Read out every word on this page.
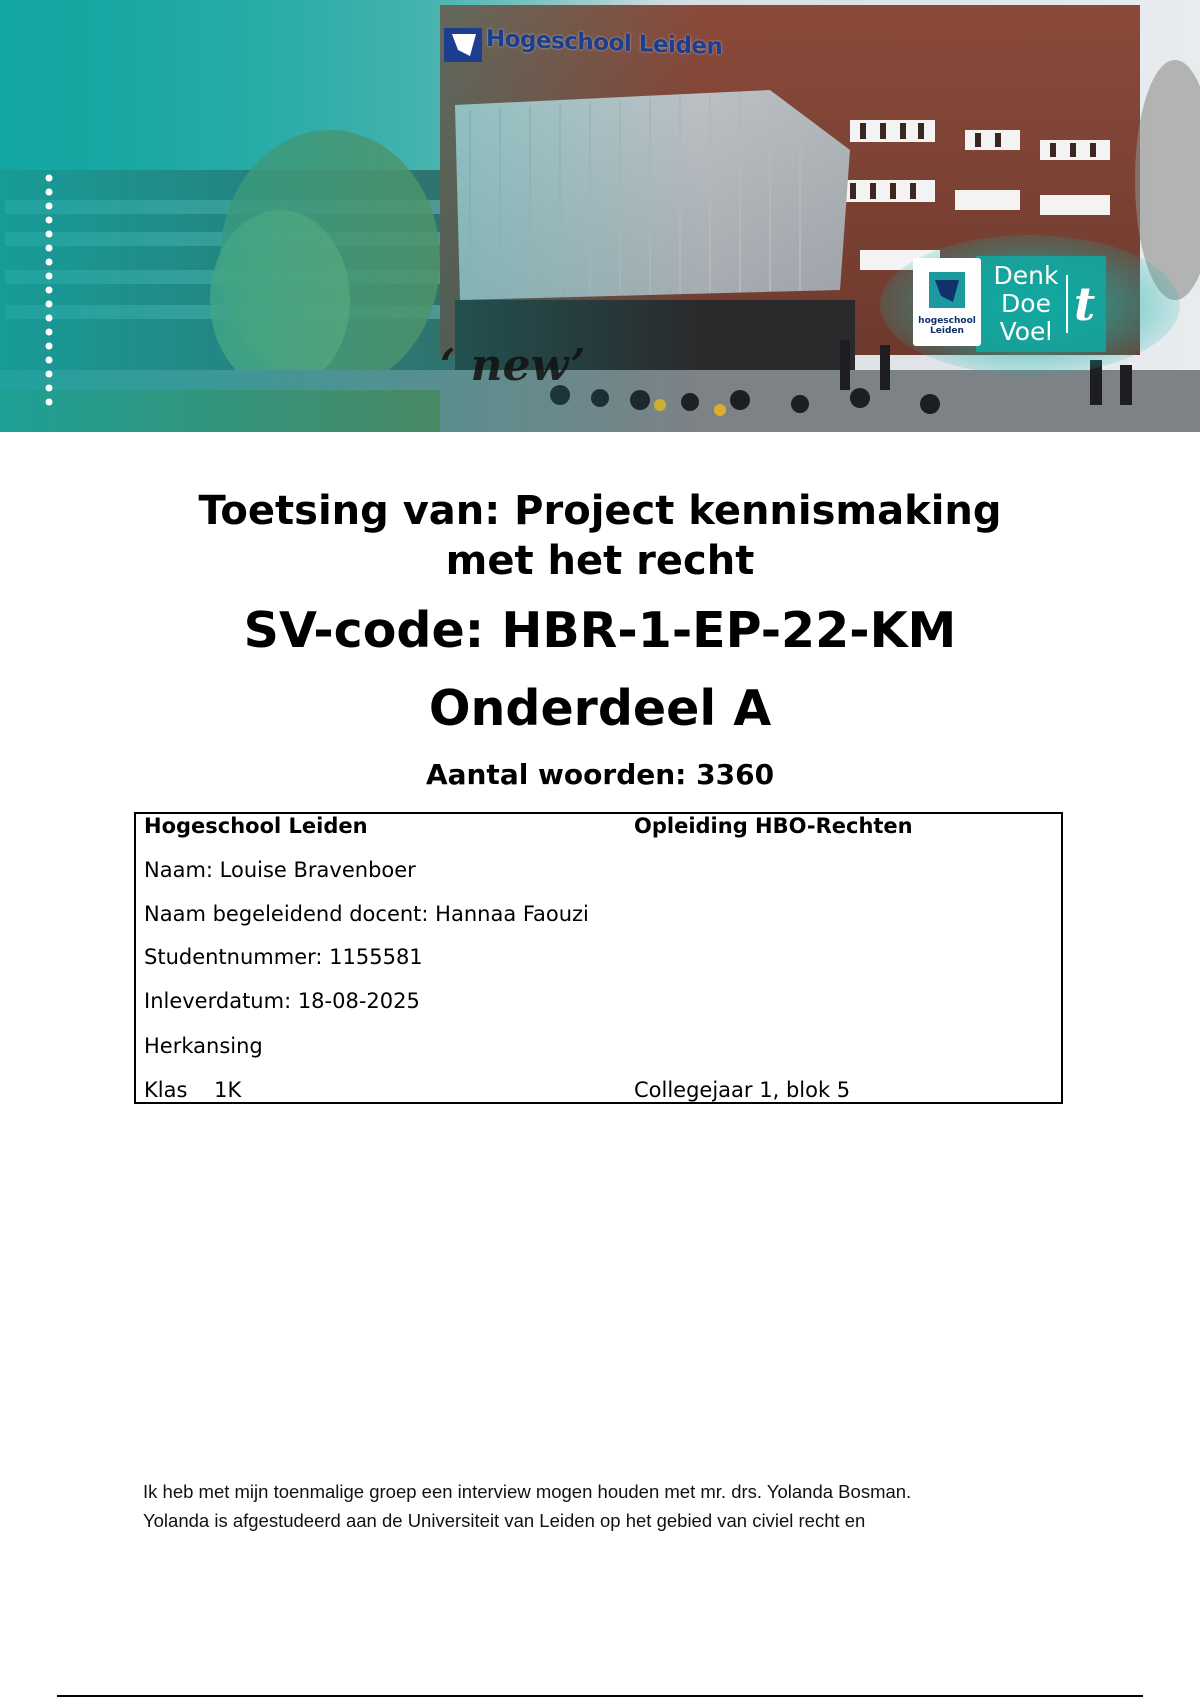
Hogeschool Leiden
hogeschool Leiden
Denk
Doe
Voel
t
‘ new’
Toetsing van: Project kennismaking
met het recht
SV-code: HBR-1-EP-22-KM
Onderdeel A
Aantal woorden: 3360
Hogeschool Leiden	Opleiding HBO-Rechten
Naam: Louise Bravenboer
Naam begeleidend docent: Hannaa Faouzi
Studentnummer: 1155581
Inleverdatum: 18-08-2025
Herkansing
Klas    1K	Collegejaar 1, blok 5
Ik heb met mijn toenmalige groep een interview mogen houden met mr. drs. Yolanda Bosman.
Yolanda is afgestudeerd aan de Universiteit van Leiden op het gebied van civiel recht en
